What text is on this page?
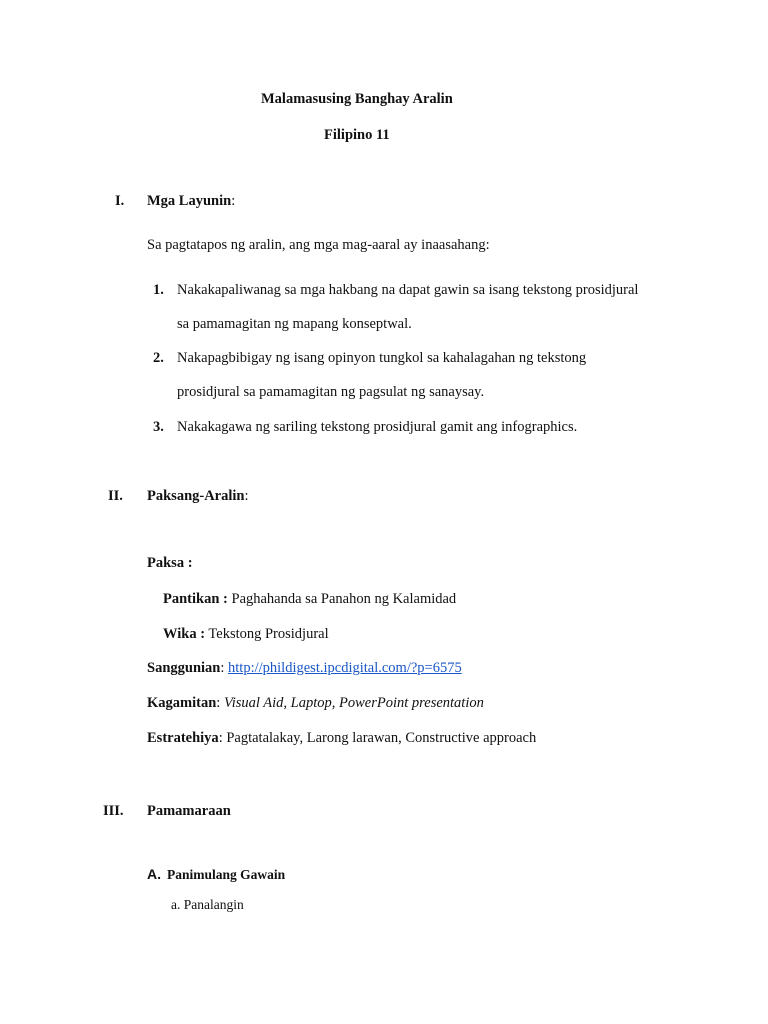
Malamasusing Banghay Aralin
Filipino 11
I. Mga Layunin:
Sa pagtatapos ng aralin, ang mga mag-aaral ay inaasahang:
1. Nakakapaliwanag sa mga hakbang na dapat gawin sa isang tekstong prosidjural
sa pamamagitan ng mapang konseptwal.
2. Nakapagbibigay ng isang opinyon tungkol sa kahalagahan ng tekstong
prosidjural sa pamamagitan ng pagsulat ng sanaysay.
3. Nakakagawa ng sariling tekstong prosidjural gamit ang infographics.
II. Paksang-Aralin:
Paksa :
Pantikan : Paghahanda sa Panahon ng Kalamidad
Wika : Tekstong Prosidjural
Sanggunian: http://phildigest.ipcdigital.com/?p=6575
Kagamitan: Visual Aid, Laptop, PowerPoint presentation
Estratehiya: Pagtatalakay, Larong larawan, Constructive approach
III. Pamamaraan
A. Panimulang Gawain
a. Panalangin
